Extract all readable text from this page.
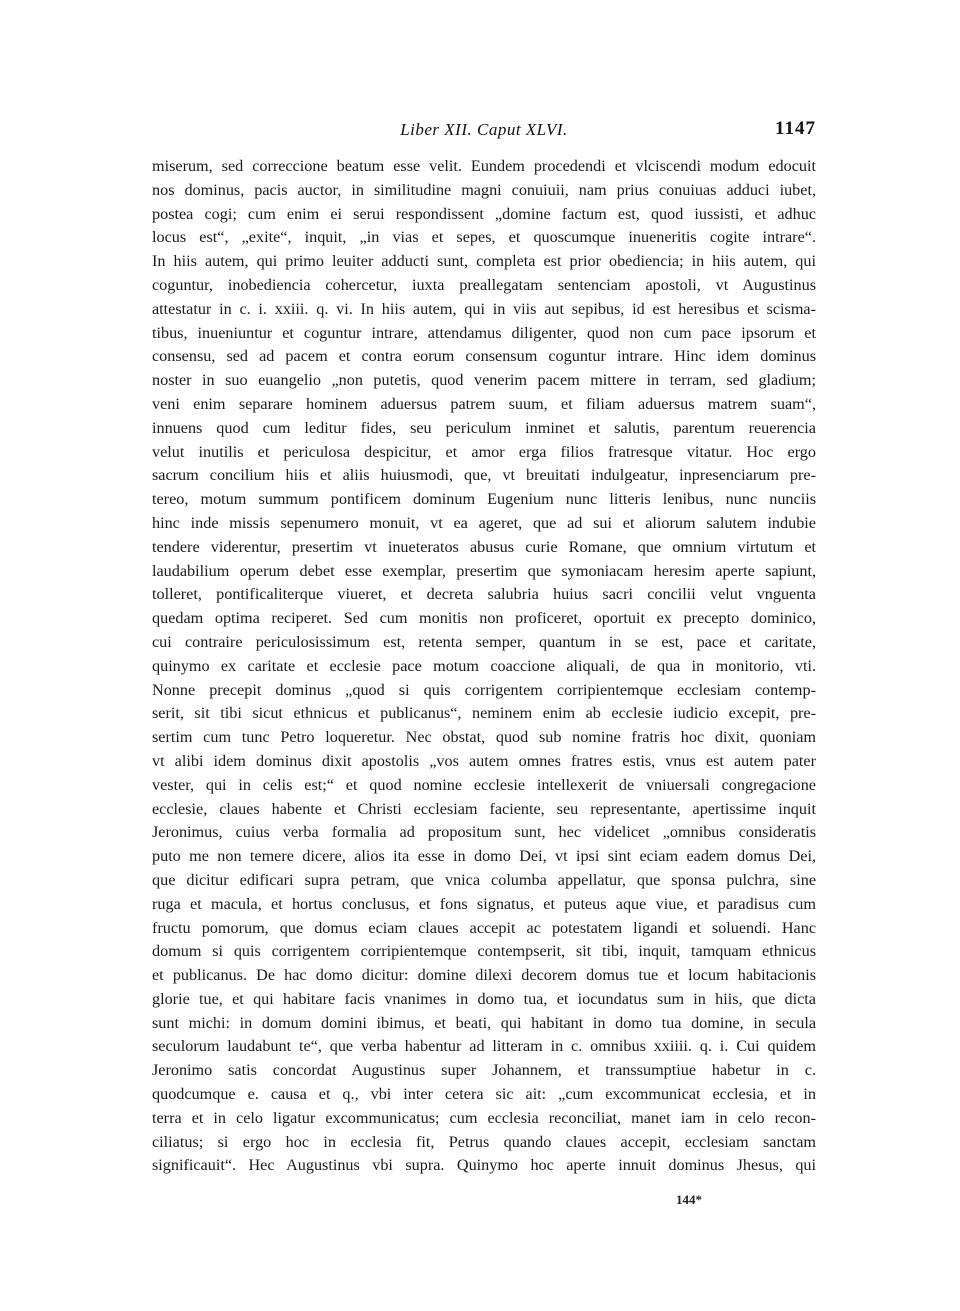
Liber XII. Caput XLVI.	1147
miserum, sed correccione beatum esse velit. Eundem procedendi et vlciscendi modum edocuit
nos dominus, pacis auctor, in similitudine magni conuiuii, nam prius conuiuas adduci iubet,
postea cogi; cum enim ei serui respondissent „domine factum est, quod iussisti, et adhuc
locus est“, „exite“, inquit, „in vias et sepes, et quoscumque inueneritis cogite intrare“.
In hiis autem, qui primo leuiter adducti sunt, completa est prior obediencia; in hiis autem, qui
coguntur, inobediencia cohercetur, iuxta preallegatam sentenciam apostoli, vt Augustinus
attestatur in c. i. xxiii. q. vi. In hiis autem, qui in viis aut sepibus, id est heresibus et scisma-
tibus, inueniuntur et coguntur intrare, attendamus diligenter, quod non cum pace ipsorum et
consensu, sed ad pacem et contra eorum consensum coguntur intrare. Hinc idem dominus
noster in suo euangelio „non putetis, quod venerim pacem mittere in terram, sed gladium;
veni enim separare hominem aduersus patrem suum, et filiam aduersus matrem suam“,
innuens quod cum leditur fides, seu periculum inminet et salutis, parentum reuerencia
velut inutilis et periculosa despicitur, et amor erga filios fratresque vitatur. Hoc ergo
sacrum concilium hiis et aliis huiusmodi, que, vt breuitati indulgeatur, inpresenciarum pre-
tereo, motum summum pontificem dominum Eugenium nunc litteris lenibus, nunc nunciis
hinc inde missis sepenumero monuit, vt ea ageret, que ad sui et aliorum salutem indubie
tendere viderentur, presertim vt inueteratos abusus curie Romane, que omnium virtutum et
laudabilium operum debet esse exemplar, presertim que symoniacam heresim aperte sapiunt,
tolleret, pontificaliterque viueret, et decreta salubria huius sacri concilii velut vnguenta
quedam optima reciperet. Sed cum monitis non proficeret, oportuit ex precepto dominico,
cui contraire periculosissimum est, retenta semper, quantum in se est, pace et caritate,
quinymo ex caritate et ecclesie pace motum coaccione aliquali, de qua in monitorio, vti.
Nonne precepit dominus „quod si quis corrigentem corripientemque ecclesiam contemp-
serit, sit tibi sicut ethnicus et publicanus“, neminem enim ab ecclesie iudicio excepit, pre-
sertim cum tunc Petro loqueretur. Nec obstat, quod sub nomine fratris hoc dixit, quoniam
vt alibi idem dominus dixit apostolis „vos autem omnes fratres estis, vnus est autem pater
vester, qui in celis est;“ et quod nomine ecclesie intellexerit de vniuersali congregacione
ecclesie, claues habente et Christi ecclesiam faciente, seu representante, apertissime inquit
Jeronimus, cuius verba formalia ad propositum sunt, hec videlicet „omnibus consideratis
puto me non temere dicere, alios ita esse in domo Dei, vt ipsi sint eciam eadem domus Dei,
que dicitur edificari supra petram, que vnica columba appellatur, que sponsa pulchra, sine
ruga et macula, et hortus conclusus, et fons signatus, et puteus aque viue, et paradisus cum
fructu pomorum, que domus eciam claues accepit ac potestatem ligandi et soluendi. Hanc
domum si quis corrigentem corripientemque contempserit, sit tibi, inquit, tamquam ethnicus
et publicanus. De hac domo dicitur: domine dilexi decorem domus tue et locum habitacionis
glorie tue, et qui habitare facis vnanimes in domo tua, et iocundatus sum in hiis, que dicta
sunt michi: in domum domini ibimus, et beati, qui habitant in domo tua domine, in secula
seculorum laudabunt te“, que verba habentur ad litteram in c. omnibus xxiiii. q. i. Cui quidem
Jeronimo satis concordat Augustinus super Johannem, et transsumptiue habetur in c.
quodcumque e. causa et q., vbi inter cetera sic ait: „cum excommunicat ecclesia, et in
terra et in celo ligatur excommunicatus; cum ecclesia reconciliat, manet iam in celo recon-
ciliatus; si ergo hoc in ecclesia fit, Petrus quando claues accepit, ecclesiam sanctam
significauit“. Hec Augustinus vbi supra. Quinymo hoc aperte innuit dominus Jhesus, qui
144*
